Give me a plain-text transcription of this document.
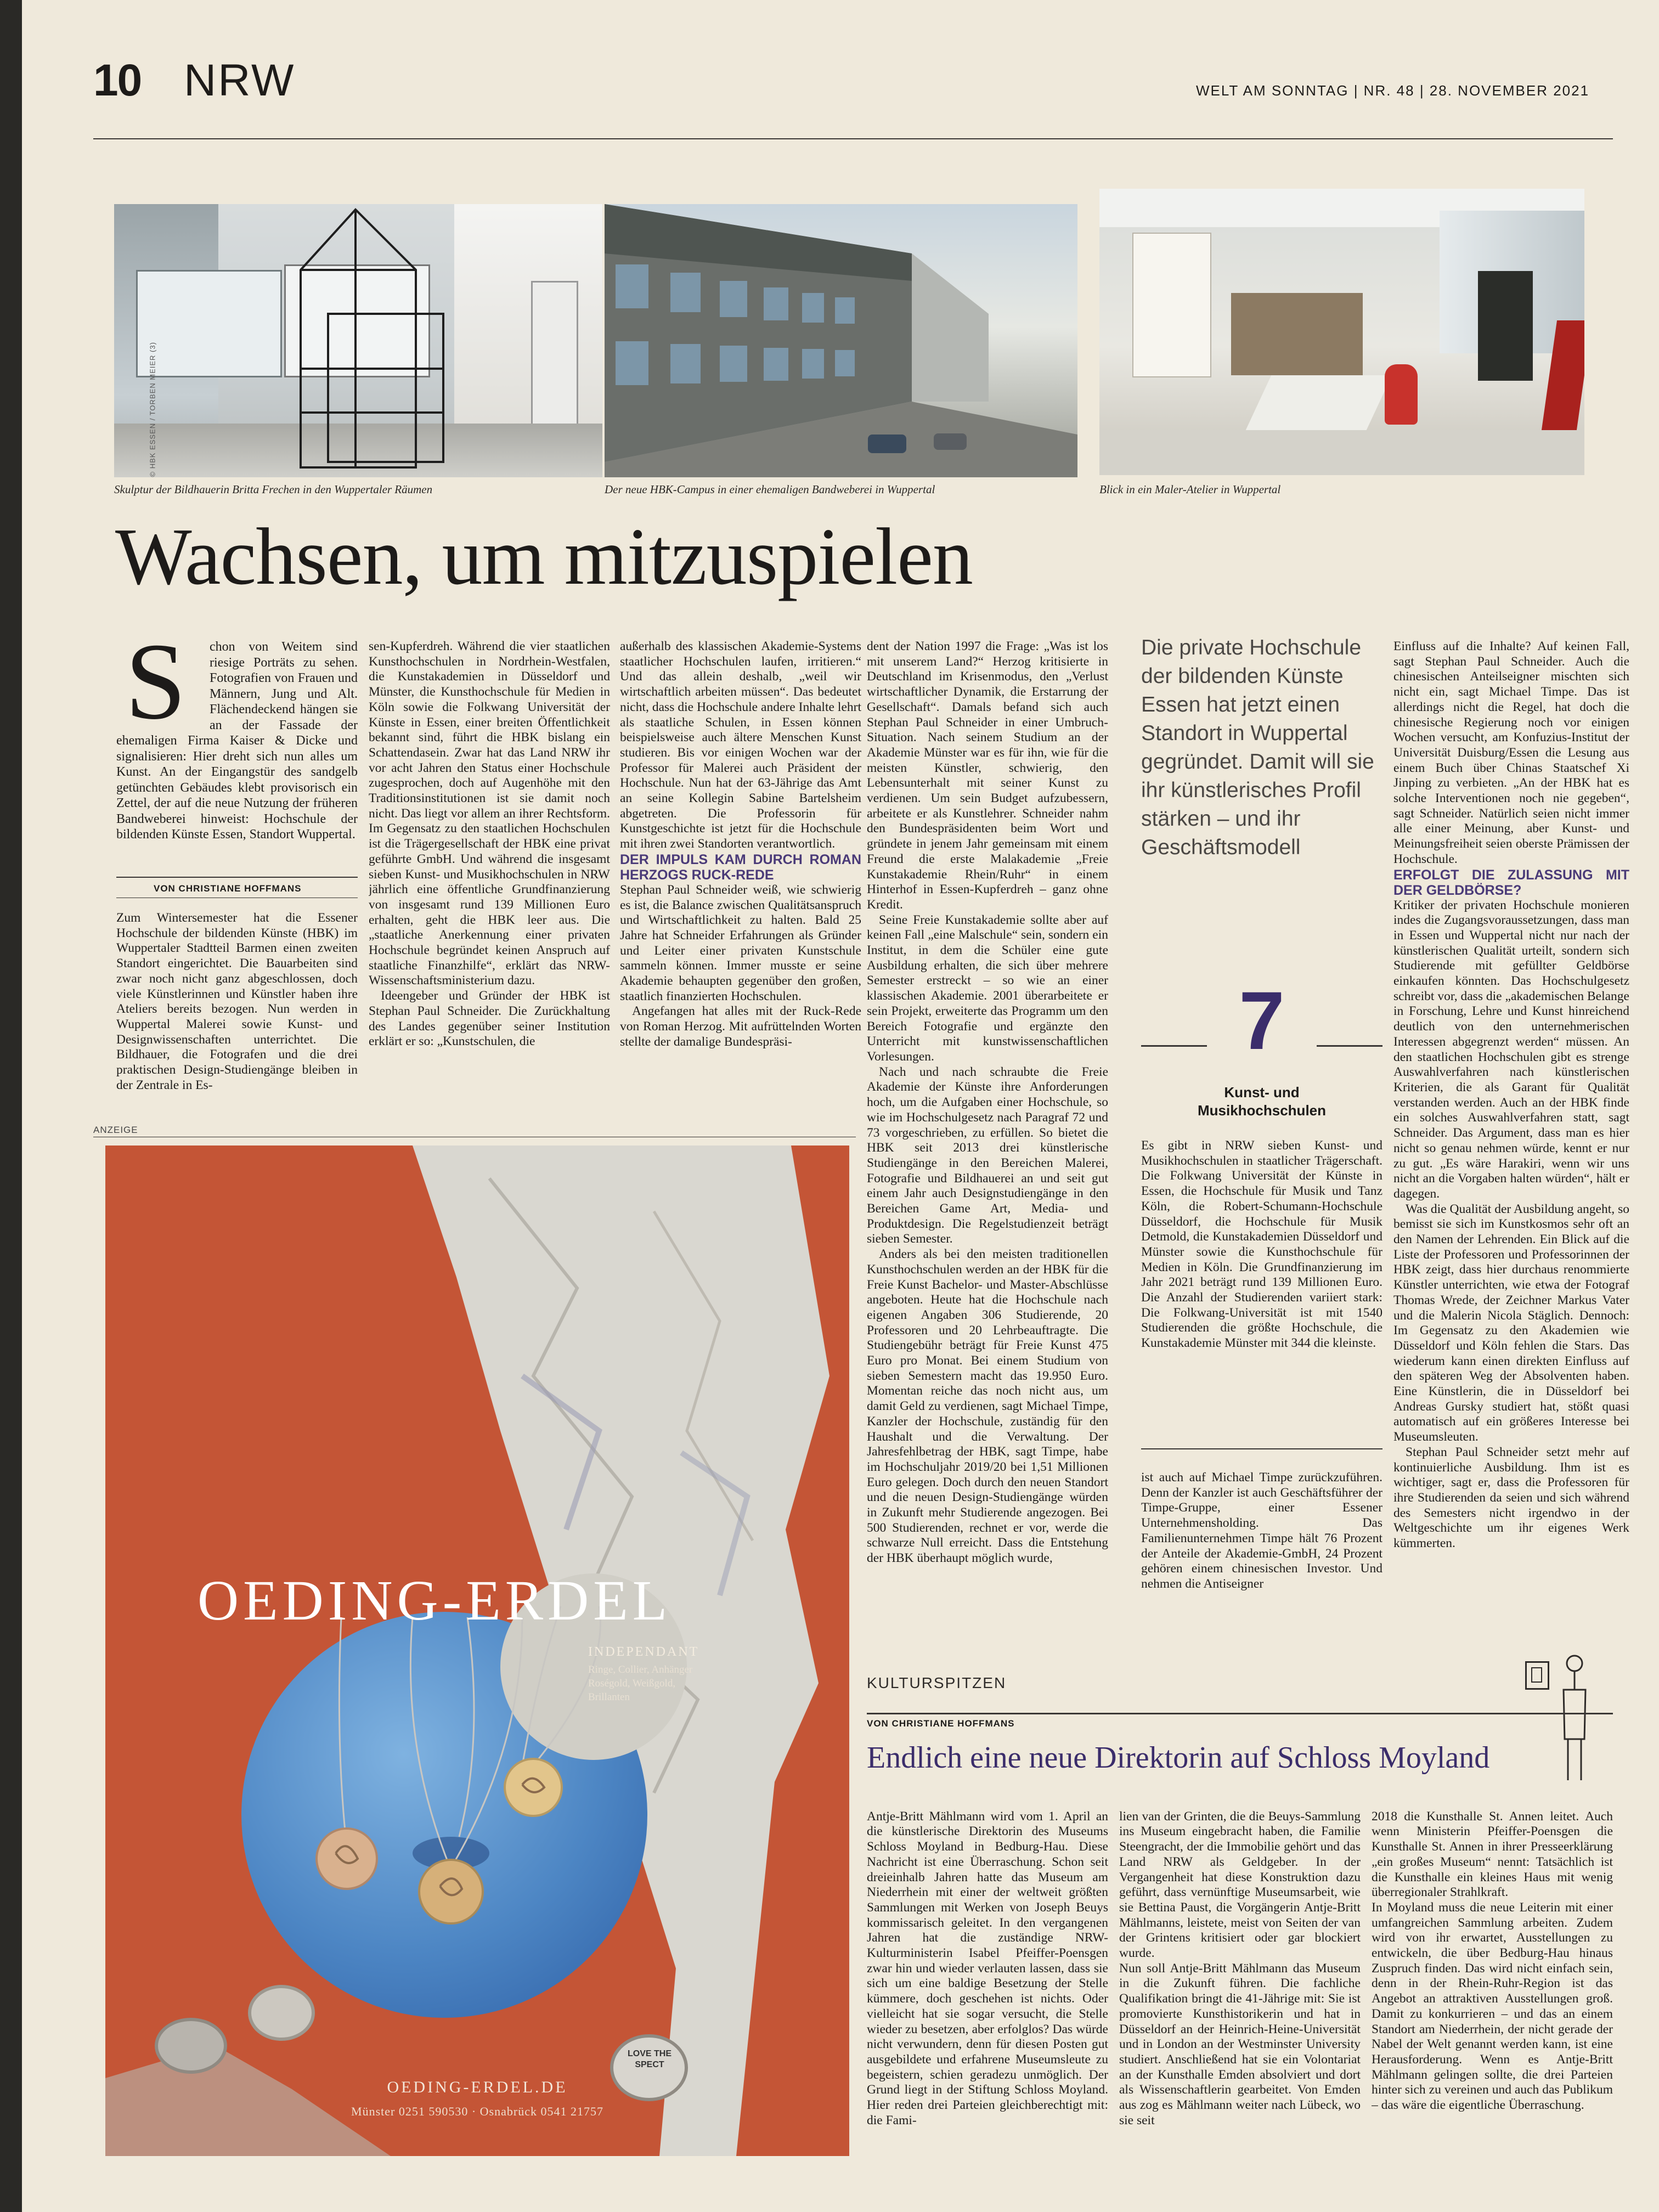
10 NRW	WELT AM SONNTAG | NR. 48 | 28. NOVEMBER 2021
© HBK ESSEN / TORBEN MEIER (3)
Skulptur der Bildhauerin Britta Frechen in den Wuppertaler Räumen	Der neue HBK-Campus in einer ehemaligen Bandweberei in Wuppertal	Blick in ein Maler-Atelier in Wuppertal
Wachsen, um mitzuspielen
S	chon von Weitem sind riesige Porträts zu sehen. Fotografien von Frauen und Männern, Jung und Alt. Flächendeckend hängen sie an der Fassade der ehemaligen Firma Kaiser & Dicke und signalisieren: Hier dreht sich nun alles um Kunst. An der Eingangstür des sandgelb getünchten Gebäudes klebt provisorisch ein Zettel, der auf die neue Nutzung der früheren Bandweberei hinweist: Hochschule der bildenden Künste Essen, Standort Wuppertal.
VON CHRISTIANE HOFFMANS

Zum Wintersemester hat die Essener Hochschule der bildenden Künste (HBK) im Wuppertaler Stadtteil Barmen einen zweiten Standort eingerichtet. Die Bauarbeiten sind zwar noch nicht ganz abgeschlossen, doch viele Künstlerinnen und Künstler haben ihre Ateliers bereits bezogen. Nun werden in Wuppertal Malerei sowie Kunst- und Designwissenschaften unterrichtet. Die Bildhauer, die Fotografen und die drei praktischen Design-Studiengänge bleiben in der Zentrale in Es-

sen-Kupferdreh. Während die vier staatlichen Kunsthochschulen in Nordrhein-Westfalen, die Kunstakademien in Düsseldorf und Münster, die Kunsthochschule für Medien in Köln sowie die Folkwang Universität der Künste in Essen, einer breiten Öffentlichkeit bekannt sind, führt die HBK bislang ein Schattendasein. Zwar hat das Land NRW ihr vor acht Jahren den Status einer Hochschule zugesprochen, doch auf Augenhöhe mit den Traditionsinstitutionen ist sie damit noch nicht. Das liegt vor allem an ihrer Rechtsform. Im Gegensatz zu den staatlichen Hochschulen ist die Trägergesellschaft der HBK eine privat geführte GmbH. Und während die insgesamt sieben Kunst- und Musikhochschulen in NRW jährlich eine öffentliche Grundfinanzierung von insgesamt rund 139 Millionen Euro erhalten, geht die HBK leer aus. Die „staatliche Anerkennung einer privaten Hochschule begründet keinen Anspruch auf staatliche Finanzhilfe“, erklärt das NRW-Wissenschaftsministerium dazu.

Ideengeber und Gründer der HBK ist Stephan Paul Schneider. Die Zurückhaltung des Landes gegenüber seiner Institution erklärt er so: „Kunstschulen, die

außerhalb des klassischen Akademie-Systems staatlicher Hochschulen laufen, irritieren.“ Und das allein deshalb, „weil wir wirtschaftlich arbeiten müssen“. Das bedeutet nicht, dass die Hochschule andere Inhalte lehrt als staatliche Schulen, in Essen können beispielsweise auch ältere Menschen Kunst studieren. Bis vor einigen Wochen war der Professor für Malerei auch Präsident der Hochschule. Nun hat der 63-Jährige das Amt an seine Kollegin Sabine Bartelsheim abgetreten. Die Professorin für Kunstgeschichte ist jetzt für die Hochschule mit ihren zwei Standorten verantwortlich.

DER IMPULS KAM DURCH ROMAN HERZOGS RUCK-REDE

Stephan Paul Schneider weiß, wie schwierig es ist, die Balance zwischen Qualitätsanspruch und Wirtschaftlichkeit zu halten. Bald 25 Jahre hat Schneider Erfahrungen als Gründer und Leiter einer privaten Kunstschule sammeln können. Immer musste er seine Akademie behaupten gegenüber den großen, staatlich finanzierten Hochschulen.

Angefangen hat alles mit der Ruck-Rede von Roman Herzog. Mit aufrüttelnden Worten stellte der damalige Bundespräsi-

dent der Nation 1997 die Frage: „Was ist los mit unserem Land?“ Herzog kritisierte in Deutschland im Krisenmodus, den „Verlust wirtschaftlicher Dynamik, die Erstarrung der Gesellschaft“. Damals befand sich auch Stephan Paul Schneider in einer Umbruch-Situation. Nach seinem Studium an der Akademie Münster war es für ihn, wie für die meisten Künstler, schwierig, den Lebensunterhalt mit seiner Kunst zu verdienen. Um sein Budget aufzubessern, arbeitete er als Kunstlehrer. Schneider nahm den Bundespräsidenten beim Wort und gründete in jenem Jahr gemeinsam mit einem Freund die erste Malakademie „Freie Kunstakademie Rhein/Ruhr“ in einem Hinterhof in Essen-Kupferdreh – ganz ohne Kredit.

Seine Freie Kunstakademie sollte aber auf keinen Fall „eine Malschule“ sein, sondern ein Institut, in dem die Schüler eine gute Ausbildung erhalten, die sich über mehrere Semester erstreckt – so wie an einer klassischen Akademie. 2001 überarbeitete er sein Projekt, erweiterte das Programm um den Bereich Fotografie und ergänzte den Unterricht mit kunstwissenschaftlichen Vorlesungen.

Nach und nach schraubte die Freie Akademie der Künste ihre Anforderungen hoch, um die Aufgaben einer Hochschule, so wie im Hochschulgesetz nach Paragraf 72 und 73 vorgeschrieben, zu erfüllen. So bietet die HBK seit 2013 drei künstlerische Studiengänge in den Bereichen Malerei, Fotografie und Bildhauerei an und seit gut einem Jahr auch Designstudiengänge in den Bereichen Game Art, Media- und Produktdesign. Die Regelstudienzeit beträgt sieben Semester.

Anders als bei den meisten traditionellen Kunsthochschulen werden an der HBK für die Freie Kunst Bachelor- und Master-Abschlüsse angeboten. Heute hat die Hochschule nach eigenen Angaben 306 Studierende, 20 Professoren und 20 Lehrbeauftragte. Die Studiengebühr beträgt für Freie Kunst 475 Euro pro Monat. Bei einem Studium von sieben Semestern macht das 19.950 Euro. Momentan reiche das noch nicht aus, um damit Geld zu verdienen, sagt Michael Timpe, Kanzler der Hochschule, zuständig für den Haushalt und die Verwaltung. Der Jahresfehlbetrag der HBK, sagt Timpe, habe im Hochschuljahr 2019/20 bei 1,51 Millionen Euro gelegen. Doch durch den neuen Standort und die neuen Design-Studiengänge würden in Zukunft mehr Studierende angezogen. Bei 500 Studierenden, rechnet er vor, werde die schwarze Null erreicht. Dass die Entstehung der HBK überhaupt möglich wurde,

Die private Hochschule der bildenden Künste Essen hat jetzt einen Standort in Wuppertal gegründet. Damit will sie ihr künstlerisches Profil stärken – und ihr Geschäftsmodell
7
Kunst- und Musikhochschulen

Es gibt in NRW sieben Kunst- und Musikhochschulen in staatlicher Trägerschaft. Die Folkwang Universität der Künste in Essen, die Hochschule für Musik und Tanz Köln, die Robert-Schumann-Hochschule Düsseldorf, die Hochschule für Musik Detmold, die Kunstakademien Düsseldorf und Münster sowie die Kunsthochschule für Medien in Köln. Die Grundfinanzierung im Jahr 2021 beträgt rund 139 Millionen Euro. Die Anzahl der Studierenden variiert stark: Die Folkwang-Universität ist mit 1540 Studierenden die größte Hochschule, die Kunstakademie Münster mit 344 die kleinste.

ist auch auf Michael Timpe zurückzuführen. Denn der Kanzler ist auch Geschäftsführer der Timpe-Gruppe, einer Essener Unternehmensholding. Das Familienunternehmen Timpe hält 76 Prozent der Anteile der Akademie-GmbH, 24 Prozent gehören einem chinesischen Investor. Und nehmen die Antiseigner

Einfluss auf die Inhalte? Auf keinen Fall, sagt Stephan Paul Schneider. Auch die chinesischen Anteilseigner mischten sich nicht ein, sagt Michael Timpe. Das ist allerdings nicht die Regel, hat doch die chinesische Regierung noch vor einigen Wochen versucht, am Konfuzius-Institut der Universität Duisburg/Essen die Lesung aus einem Buch über Chinas Staatschef Xi Jinping zu verbieten. „An der HBK hat es solche Interventionen noch nie gegeben“, sagt Schneider. Natürlich seien nicht immer alle einer Meinung, aber Kunst- und Meinungsfreiheit seien oberste Prämissen der Hochschule.

ERFOLGT DIE ZULASSUNG MIT DER GELDBÖRSE?

Kritiker der privaten Hochschule monieren indes die Zugangsvoraussetzungen, dass man in Essen und Wuppertal nicht nur nach der künstlerischen Qualität urteilt, sondern sich Studierende mit gefüllter Geldbörse einkaufen könnten. Das Hochschulgesetz schreibt vor, dass die „akademischen Belange in Forschung, Lehre und Kunst hinreichend deutlich von den unternehmerischen Interessen abgegrenzt werden“ müssen. An den staatlichen Hochschulen gibt es strenge Auswahlverfahren nach künstlerischen Kriterien, die als Garant für Qualität verstanden werden. Auch an der HBK finde ein solches Auswahlverfahren statt, sagt Schneider. Das Argument, dass man es hier nicht so genau nehmen würde, kennt er nur zu gut. „Es wäre Harakiri, wenn wir uns nicht an die Vorgaben halten würden“, hält er dagegen.

Was die Qualität der Ausbildung angeht, so bemisst sie sich im Kunstkosmos sehr oft an den Namen der Lehrenden. Ein Blick auf die Liste der Professoren und Professorinnen der HBK zeigt, dass hier durchaus renommierte Künstler unterrichten, wie etwa der Fotograf Thomas Wrede, der Zeichner Markus Vater und die Malerin Nicola Stäglich. Dennoch: Im Gegensatz zu den Akademien wie Düsseldorf und Köln fehlen die Stars. Das wiederum kann einen direkten Einfluss auf den späteren Weg der Absolventen haben. Eine Künstlerin, die in Düsseldorf bei Andreas Gursky studiert hat, stößt quasi automatisch auf ein größeres Interesse bei Museumsleuten.

Stephan Paul Schneider setzt mehr auf kontinuierliche Ausbildung. Ihm ist es wichtiger, sagt er, dass die Professoren für ihre Studierenden da seien und sich während des Semesters nicht irgendwo in der Weltgeschichte um ihr eigenes Werk kümmerten.

ANZEIGE
LOVE THE SPECT
OEDING-ERDEL
INDEPENDANT
Ringe, Collier, Anhänger
Roségold, Weißgold,
Brillanten
OEDING-ERDEL.DE
Münster 0251 590530 · Osnabrück 0541 21757
KULTURSPITZEN
VON CHRISTIANE HOFFMANS
Endlich eine neue Direktorin auf Schloss Moyland

Antje-Britt Mählmann wird vom 1. April an die künstlerische Direktorin des Museums Schloss Moyland in Bedburg-Hau. Diese Nachricht ist eine Überraschung. Schon seit dreieinhalb Jahren hatte das Museum am Niederrhein mit einer der weltweit größten Sammlungen mit Werken von Joseph Beuys kommissarisch geleitet. In den vergangenen Jahren hat die zuständige NRW-Kulturministerin Isabel Pfeiffer-Poensgen zwar hin und wieder verlauten lassen, dass sie sich um eine baldige Besetzung der Stelle kümmere, doch geschehen ist nichts. Oder vielleicht hat sie sogar versucht, die Stelle wieder zu besetzen, aber erfolglos? Das würde nicht verwundern, denn für diesen Posten gut ausgebildete und erfahrene Museumsleute zu begeistern, schien geradezu unmöglich. Der Grund liegt in der Stiftung Schloss Moyland. Hier reden drei Parteien gleichberechtigt mit: die Fami-

lien van der Grinten, die die Beuys-Sammlung ins Museum eingebracht haben, die Familie Steengracht, der die Immobilie gehört und das Land NRW als Geldgeber. In der Vergangenheit hat diese Konstruktion dazu geführt, dass vernünftige Museumsarbeit, wie sie Bettina Paust, die Vorgängerin Antje-Britt Mählmanns, leistete, meist von Seiten der van der Grintens kritisiert oder gar blockiert wurde.
Nun soll Antje-Britt Mählmann das Museum in die Zukunft führen. Die fachliche Qualifikation bringt die 41-Jährige mit: Sie ist promovierte Kunsthistorikerin und hat in Düsseldorf an der Heinrich-Heine-Universität und in London an der Westminster University studiert. Anschließend hat sie ein Volontariat an der Kunsthalle Emden absolviert und dort als Wissenschaftlerin gearbeitet. Von Emden aus zog es Mählmann weiter nach Lübeck, wo sie seit

2018 die Kunsthalle St. Annen leitet. Auch wenn Ministerin Pfeiffer-Poensgen die Kunsthalle St. Annen in ihrer Presseerklärung „ein großes Museum“ nennt: Tatsächlich ist die Kunsthalle ein kleines Haus mit wenig überregionaler Strahlkraft.
In Moyland muss die neue Leiterin mit einer umfangreichen Sammlung arbeiten. Zudem wird von ihr erwartet, Ausstellungen zu entwickeln, die über Bedburg-Hau hinaus Zuspruch finden. Das wird nicht einfach sein, denn in der Rhein-Ruhr-Region ist das Angebot an attraktiven Ausstellungen groß. Damit zu konkurrieren – und das an einem Standort am Niederrhein, der nicht gerade der Nabel der Welt genannt werden kann, ist eine Herausforderung. Wenn es Antje-Britt Mählmann gelingen sollte, die drei Parteien hinter sich zu vereinen und auch das Publikum – das wäre die eigentliche Überraschung.
